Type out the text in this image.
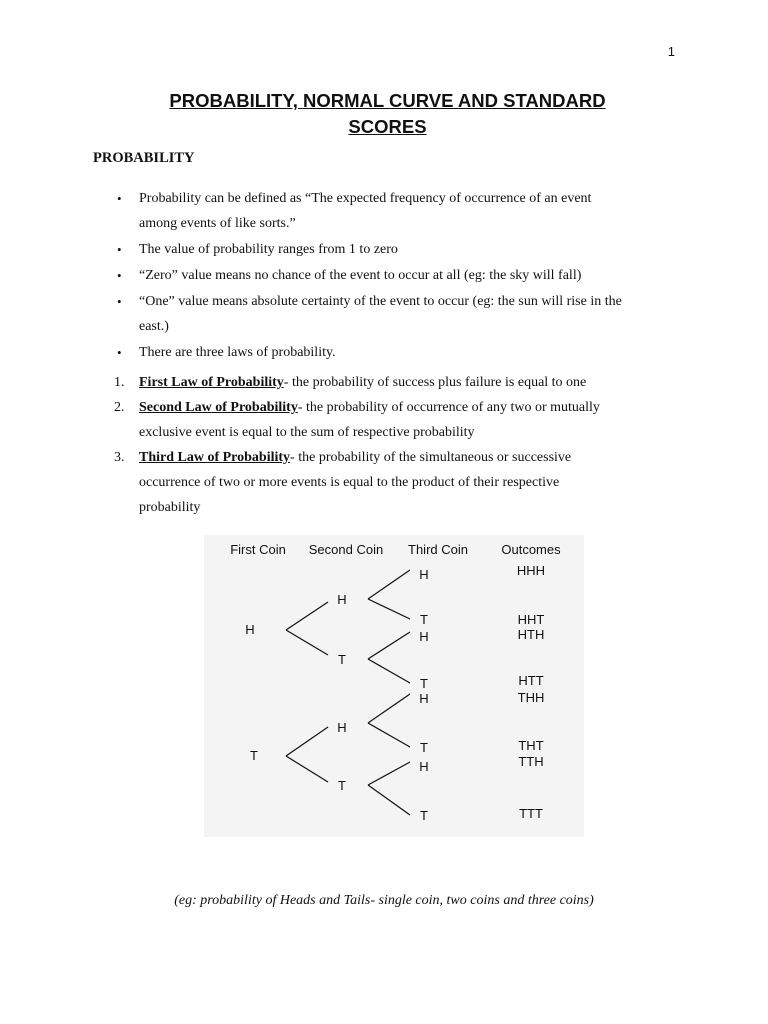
1
PROBABILITY, NORMAL CURVE AND STANDARD
SCORES
PROBABILITY
• Probability can be defined as “The expected frequency of occurrence of an event
among events of like sorts.”
• The value of probability ranges from 1 to zero
• “Zero” value means no chance of the event to occur at all (eg: the sky will fall)
• “One” value means absolute certainty of the event to occur (eg: the sun will rise in the
east.)
• There are three laws of probability.
1. First Law of Probability- the probability of success plus failure is equal to one
2. Second Law of Probability- the probability of occurrence of any two or mutually
exclusive event is equal to the sum of respective probability
3. Third Law of Probability- the probability of the simultaneous or successive
occurrence of two or more events is equal to the product of their respective
probability
First Coin Second Coin Third Coin	Outcomes
H
T
H
T
H
T
H
T
H
T
H
T
H
T
HHH
HHT
HTH
HTT
THH
THT
TTH
TTT

(eg: probability of Heads and Tails- single coin, two coins and three coins)
